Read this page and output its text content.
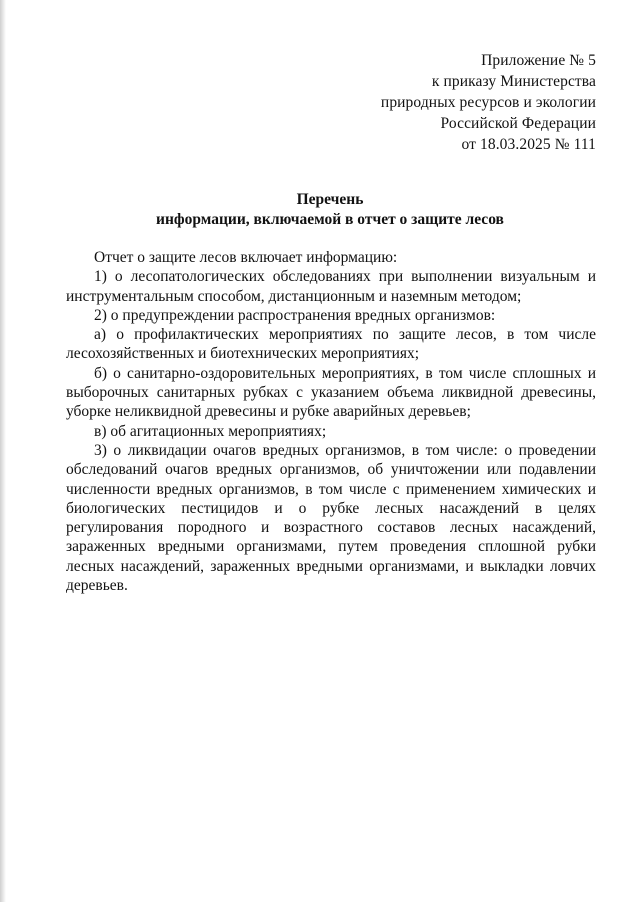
Приложение № 5
к приказу Министерства
природных ресурсов и экологии
Российской Федерации
от 18.03.2025 № 111
Перечень
информации, включаемой в отчет о защите лесов

Отчет о защите лесов включает информацию:

1) о лесопатологических обследованиях при выполнении визуальным и инструментальным способом, дистанционным и наземным методом;

2) о предупреждении распространения вредных организмов:

а) о профилактических мероприятиях по защите лесов, в том числе лесохозяйственных и биотехнических мероприятиях;

б) о санитарно-оздоровительных мероприятиях, в том числе сплошных и выборочных санитарных рубках с указанием объема ликвидной древесины, уборке неликвидной древесины и рубке аварийных деревьев;

в) об агитационных мероприятиях;

3) о ликвидации очагов вредных организмов, в том числе: о проведении обследований очагов вредных организмов, об уничтожении или подавлении численности вредных организмов, в том числе с применением химических и биологических пестицидов и о рубке лесных насаждений в целях регулирования породного и возрастного составов лесных насаждений, зараженных вредными организмами, путем проведения сплошной рубки лесных насаждений, зараженных вредными организмами, и выкладки ловчих деревьев.
